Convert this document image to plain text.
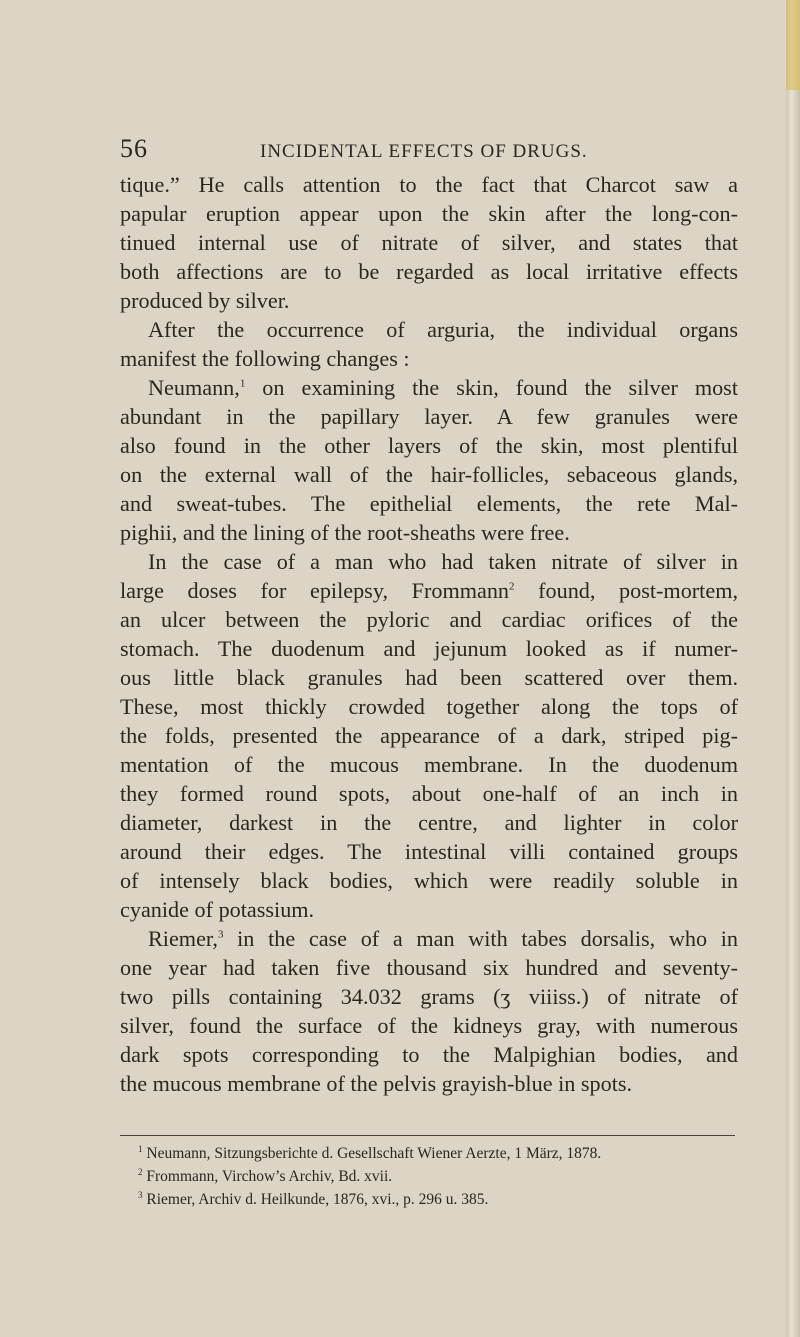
56	INCIDENTAL EFFECTS OF DRUGS.
tique.” He calls attention to the fact that Charcot saw a
papular eruption appear upon the skin after the long-con-
tinued internal use of nitrate of silver, and states that
both affections are to be regarded as local irritative effects
produced by silver.
After the occurrence of arguria, the individual organs
manifest the following changes :
Neumann,$^1$ on examining the skin, found the silver most
abundant in the papillary layer. A few granules were
also found in the other layers of the skin, most plentiful
on the external wall of the hair-follicles, sebaceous glands,
and sweat-tubes. The epithelial elements, the rete Mal-
pighii, and the lining of the root-sheaths were free.
In the case of a man who had taken nitrate of silver in
large doses for epilepsy, Frommann$^2$ found, post-mortem,
an ulcer between the pyloric and cardiac orifices of the
stomach. The duodenum and jejunum looked as if numer-
ous little black granules had been scattered over them.
These, most thickly crowded together along the tops of
the folds, presented the appearance of a dark, striped pig-
mentation of the mucous membrane. In the duodenum
they formed round spots, about one-half of an inch in
diameter, darkest in the centre, and lighter in color
around their edges. The intestinal villi contained groups
of intensely black bodies, which were readily soluble in
cyanide of potassium.
Riemer,$^3$ in the case of a man with tabes dorsalis, who in
one year had taken five thousand six hundred and seventy-
two pills containing 34.032 grams (ʒ viiiss.) of nitrate of
silver, found the surface of the kidneys gray, with numerous
dark spots corresponding to the Malpighian bodies, and
the mucous membrane of the pelvis grayish-blue in spots.
$^1$ Neumann, Sitzungsberichte d. Gesellschaft Wiener Aerzte, 1 März, 1878.
$^2$ Frommann, Virchow’s Archiv, Bd. xvii.
$^3$ Riemer, Archiv d. Heilkunde, 1876, xvi., p. 296 u. 385.
